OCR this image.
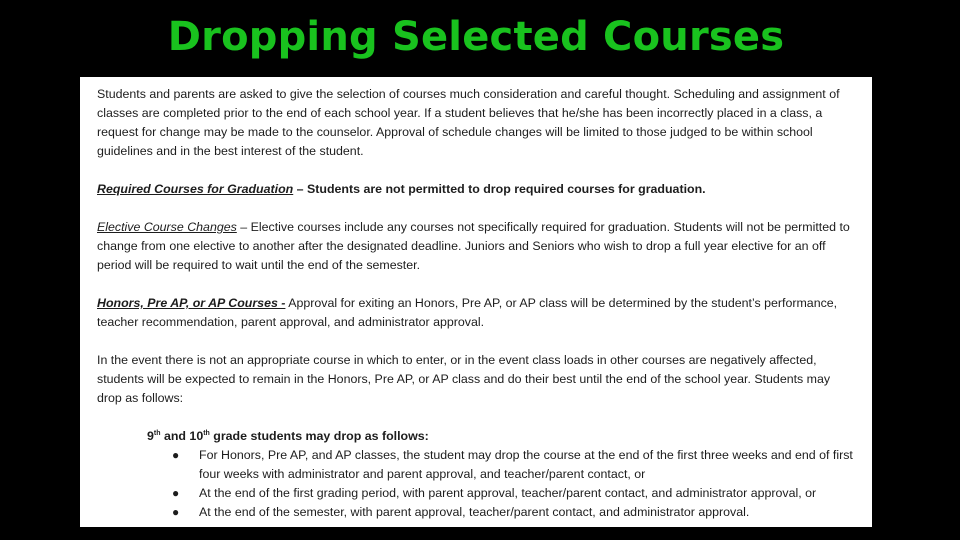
Dropping Selected Courses

Students and parents are asked to give the selection of courses much consideration and careful thought. Scheduling and assignment of classes are completed prior to the end of each school year. If a student believes that he/she has been incorrectly placed in a class, a request for change may be made to the counselor. Approval of schedule changes will be limited to those judged to be within school guidelines and in the best interest of the student.

Required Courses for Graduation – Students are not permitted to drop required courses for graduation.

Elective Course Changes – Elective courses include any courses not specifically required for graduation. Students will not be permitted to change from one elective to another after the designated deadline. Juniors and Seniors who wish to drop a full year elective for an off period will be required to wait until the end of the semester.

Honors, Pre AP, or AP Courses - Approval for exiting an Honors, Pre AP, or AP class will be determined by the student’s performance, teacher recommendation, parent approval, and administrator approval.

In the event there is not an appropriate course in which to enter, or in the event class loads in other courses are negatively affected, students will be expected to remain in the Honors, Pre AP, or AP class and do their best until the end of the school year. Students may drop as follows:

9th and 10th grade students may drop as follows:
● For Honors, Pre AP, and AP classes, the student may drop the course at the end of the first three weeks and end of first four weeks with administrator and parent approval, and teacher/parent contact, or
● At the end of the first grading period, with parent approval, teacher/parent contact, and administrator approval, or
● At the end of the semester, with parent approval, teacher/parent contact, and administrator approval.
